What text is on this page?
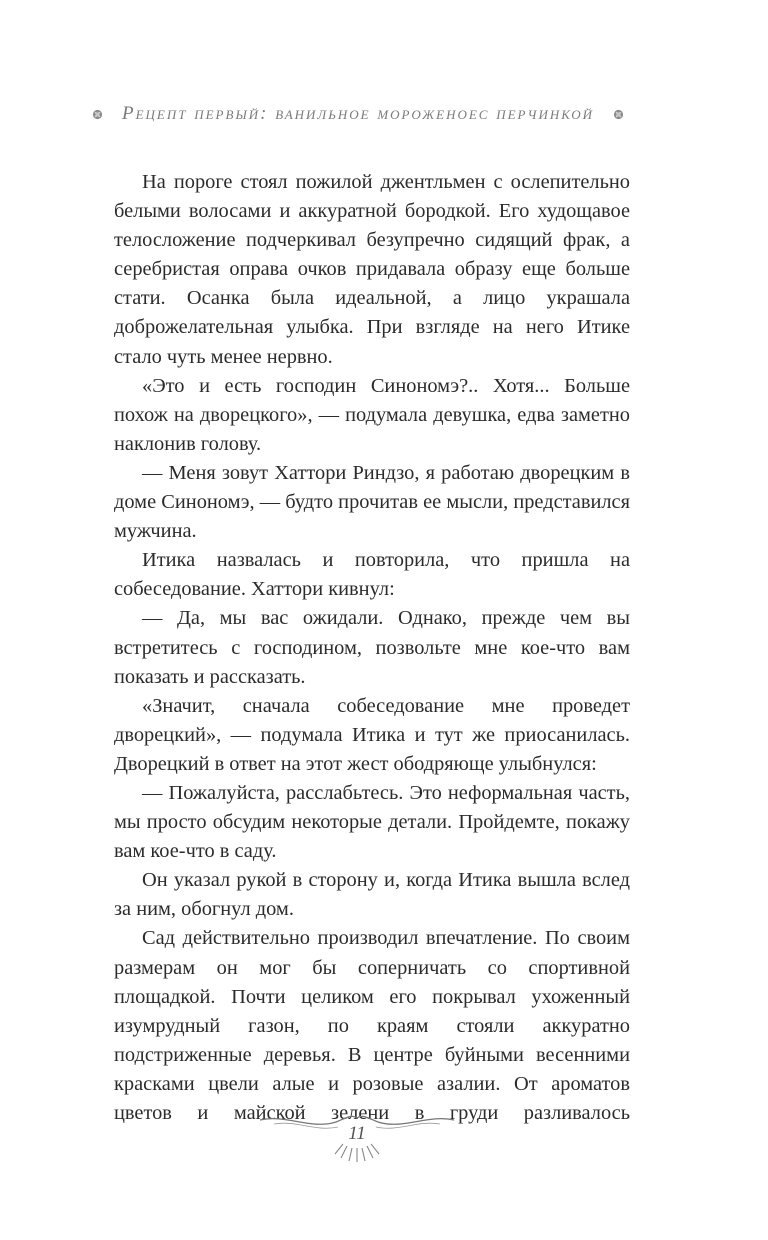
Рецепт первый: ванильное мороженоес перчинкой

На пороге стоял пожилой джентльмен с ослепительно белыми волосами и аккуратной бородкой. Его худощавое телосложение подчеркивал безупречно сидящий фрак, а серебристая оправа очков придавала образу еще больше стати. Осанка была идеальной, а лицо украшала доброжелательная улыбка. При взгляде на него Итике стало чуть менее нервно.

«Это и есть господин Синономэ?.. Хотя... Больше похож на дворецкого», — подумала девушка, едва заметно наклонив голову.

— Меня зовут Хаттори Риндзо, я работаю дворецким в доме Синономэ, — будто прочитав ее мысли, представился мужчина.

Итика назвалась и повторила, что пришла на собеседование. Хаттори кивнул:

— Да, мы вас ожидали. Однако, прежде чем вы встретитесь с господином, позвольте мне кое-что вам показать и рассказать.

«Значит, сначала собеседование мне проведет дворецкий», — подумала Итика и тут же приосанилась. Дворецкий в ответ на этот жест ободряюще улыбнулся:

— Пожалуйста, расслабьтесь. Это неформальная часть, мы просто обсудим некоторые детали. Пройдемте, покажу вам кое-что в саду.

Он указал рукой в сторону и, когда Итика вышла вслед за ним, обогнул дом.

Сад действительно производил впечатление. По своим размерам он мог бы соперничать со спортивной площадкой. Почти целиком его покрывал ухоженный изумрудный газон, по краям стояли аккуратно подстриженные деревья. В центре буйными весенними красками цвели алые и розовые азалии. От ароматов цветов и майской зелени в груди разливалось

11
